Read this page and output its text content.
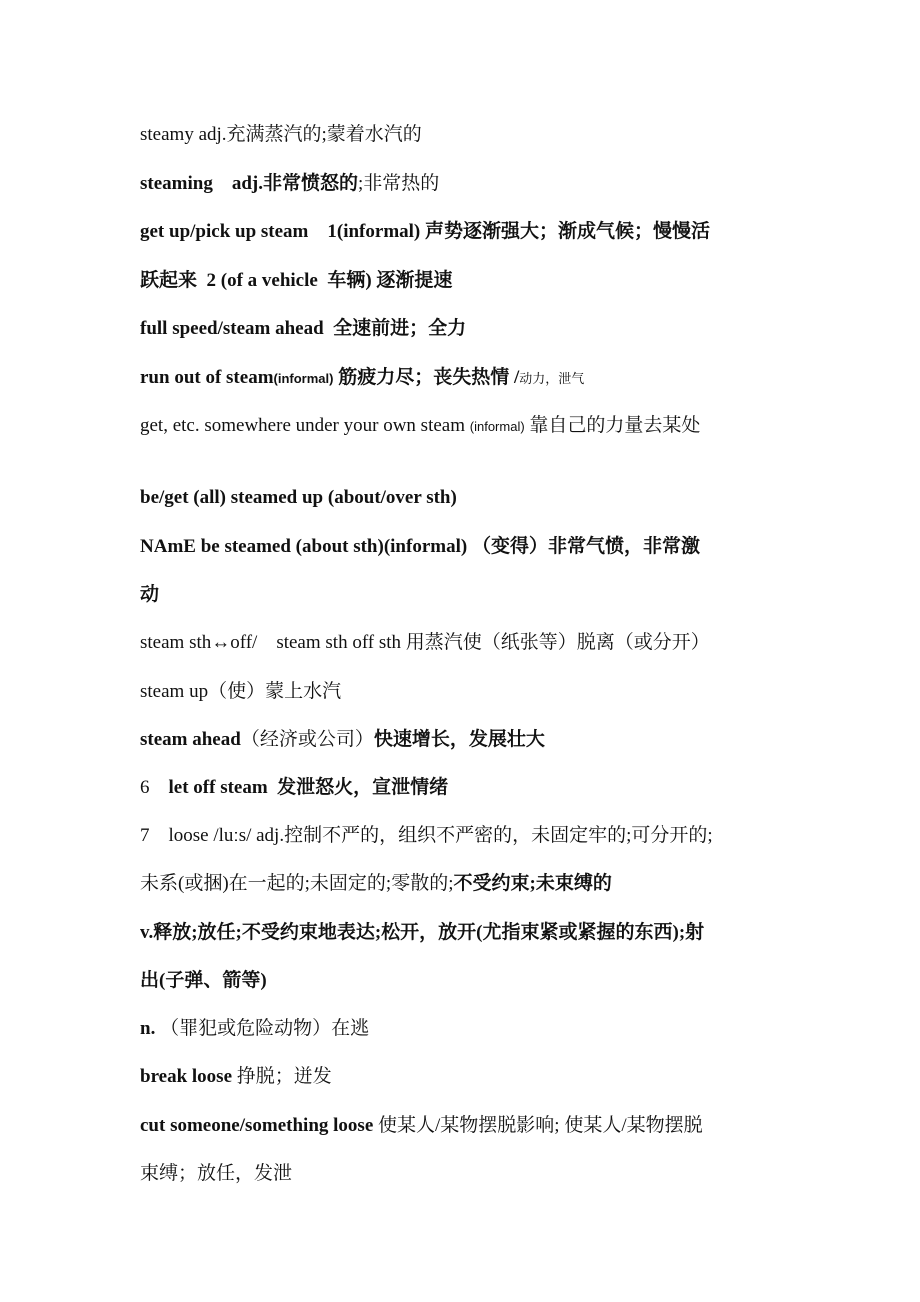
steamy adj.充满蒸汽的;蒙着水汽的
steaming    adj.非常愤怒的;非常热的
get up/pick up steam    1(informal) 声势逐渐强大；渐成气候；慢慢活
跃起来  2 (of a vehicle  车辆) 逐渐提速
full speed/steam ahead  全速前进；全力
run out of steam(informal) 筋疲力尽；丧失热情 /动力，泄气
get, etc. somewhere under your own steam (informal) 靠自己的力量去某处
be/get (all) steamed up (about/over sth)
NAmE be steamed (about sth)(informal) （变得）非常气愤，非常激
动
steam sth↔off/    steam sth off sth 用蒸汽使（纸张等）脱离（或分开）
steam up（使）蒙上水汽
steam ahead（经济或公司）快速增长，发展壮大
6    let off steam  发泄怒火，宣泄情绪
7    loose /luːs/ adj.控制不严的，组织不严密的，未固定牢的;可分开的;
未系(或捆)在一起的;未固定的;零散的;不受约束;未束缚的
v.释放;放任;不受约束地表达;松开，放开(尤指束紧或紧握的东西);射
出(子弹、箭等)
n. （罪犯或危险动物）在逃
break loose 挣脱；迸发
cut someone/something loose 使某人/某物摆脱影响; 使某人/某物摆脱
束缚；放任，发泄
